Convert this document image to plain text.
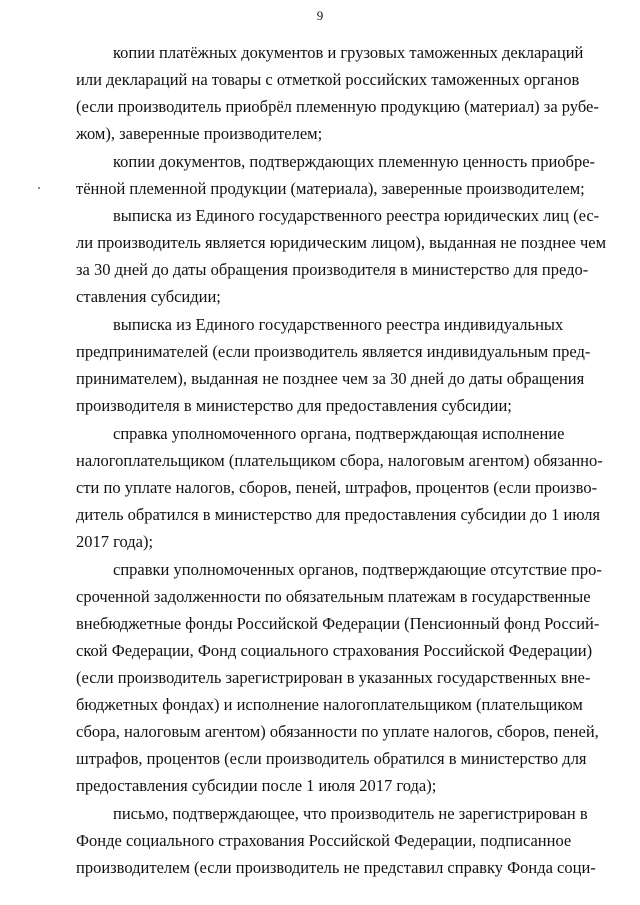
9
копии платёжных документов и грузовых таможенных деклараций
или деклараций на товары с отметкой российских таможенных органов
(если производитель приобрёл племенную продукцию (материал) за рубе-
жом), заверенные производителем;
копии документов, подтверждающих племенную ценность приобре-
тённой племенной продукции (материала), заверенные производителем;
выписка из Единого государственного реестра юридических лиц (ес-
ли производитель является юридическим лицом), выданная не позднее чем
за 30 дней до даты обращения производителя в министерство для предо-
ставления субсидии;
выписка из Единого государственного реестра индивидуальных
предпринимателей (если производитель является индивидуальным пред-
принимателем), выданная не позднее чем за 30 дней до даты обращения
производителя в министерство для предоставления субсидии;
справка уполномоченного органа, подтверждающая исполнение
налогоплательщиком (плательщиком сбора, налоговым агентом) обязанно-
сти по уплате налогов, сборов, пеней, штрафов, процентов (если произво-
дитель обратился в министерство для предоставления субсидии до 1 июля
2017 года);
справки уполномоченных органов, подтверждающие отсутствие про-
сроченной задолженности по обязательным платежам в государственные
внебюджетные фонды Российской Федерации (Пенсионный фонд Россий-
ской Федерации, Фонд социального страхования Российской Федерации)
(если производитель зарегистрирован в указанных государственных вне-
бюджетных фондах) и исполнение налогоплательщиком (плательщиком
сбора, налоговым агентом) обязанности по уплате налогов, сборов, пеней,
штрафов, процентов (если производитель обратился в министерство для
предоставления субсидии после 1 июля 2017 года);
письмо, подтверждающее, что производитель не зарегистрирован в
Фонде социального страхования Российской Федерации, подписанное
производителем (если производитель не представил справку Фонда соци-
